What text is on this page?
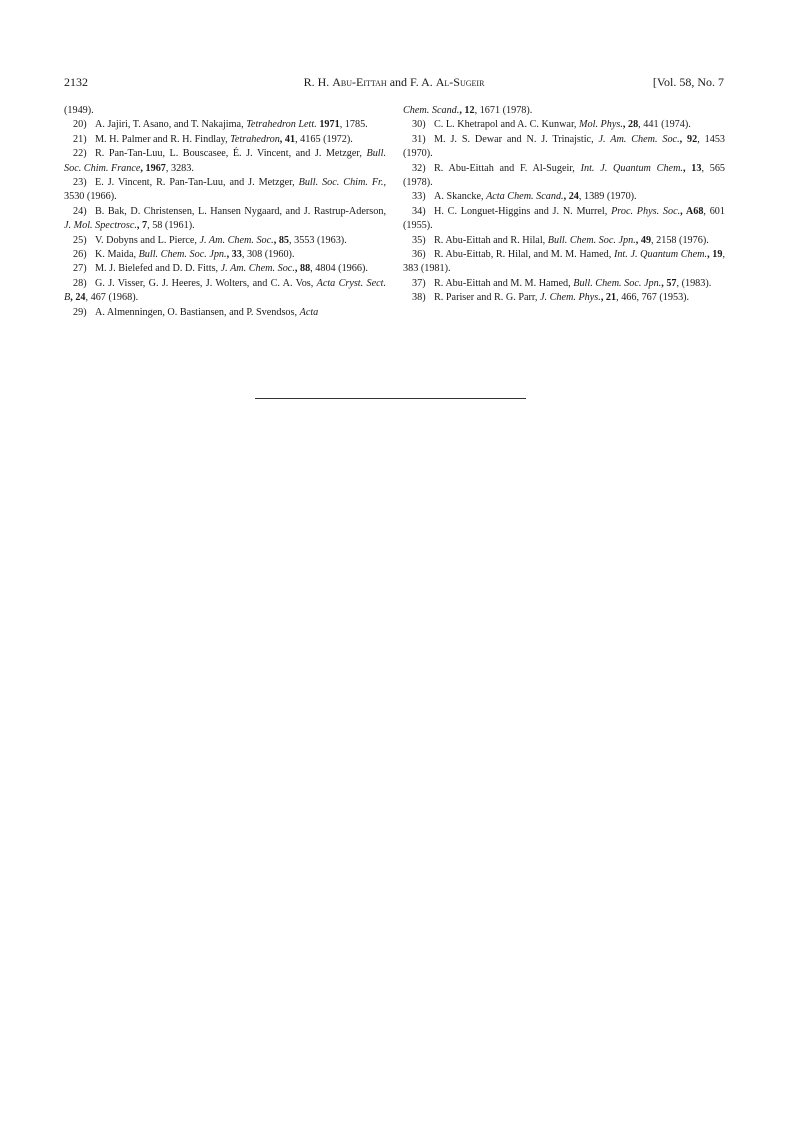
2132	R. H. Abu-Eittah and F. A. Al-Sugeir	[Vol. 58, No. 7

(1949).

20) A. Jajiri, T. Asano, and T. Nakajima, Tetrahedron Lett. 1971, 1785.

21) M. H. Palmer and R. H. Findlay, Tetrahedron, 41, 4165 (1972).

22) R. Pan-Tan-Luu, L. Bouscasee, É. J. Vincent, and J. Metzger, Bull. Soc. Chim. France, 1967, 3283.

23) E. J. Vincent, R. Pan-Tan-Luu, and J. Metzger, Bull. Soc. Chim. Fr., 3530 (1966).

24) B. Bak, D. Christensen, L. Hansen Nygaard, and J. Rastrup-Aderson, J. Mol. Spectrosc., 7, 58 (1961).

25) V. Dobyns and L. Pierce, J. Am. Chem. Soc., 85, 3553 (1963).

26) K. Maida, Bull. Chem. Soc. Jpn., 33, 308 (1960).

27) M. J. Bielefed and D. D. Fitts, J. Am. Chem. Soc., 88, 4804 (1966).

28) G. J. Visser, G. J. Heeres, J. Wolters, and C. A. Vos, Acta Cryst. Sect. B, 24, 467 (1968).

29) A. Almenningen, O. Bastiansen, and P. Svendsos, Acta

Chem. Scand., 12, 1671 (1978).

30) C. L. Khetrapol and A. C. Kunwar, Mol. Phys., 28, 441 (1974).

31) M. J. S. Dewar and N. J. Trinajstic, J. Am. Chem. Soc., 92, 1453 (1970).

32) R. Abu-Eittah and F. Al-Sugeir, Int. J. Quantum Chem., 13, 565 (1978).

33) A. Skancke, Acta Chem. Scand., 24, 1389 (1970).

34) H. C. Longuet-Higgins and J. N. Murrel, Proc. Phys. Soc., A68, 601 (1955).

35) R. Abu-Eittah and R. Hilal, Bull. Chem. Soc. Jpn., 49, 2158 (1976).

36) R. Abu-Eittab, R. Hilal, and M. M. Hamed, Int. J. Quantum Chem., 19, 383 (1981).

37) R. Abu-Eittah and M. M. Hamed, Bull. Chem. Soc. Jpn., 57, (1983).

38) R. Pariser and R. G. Parr, J. Chem. Phys., 21, 466, 767 (1953).
